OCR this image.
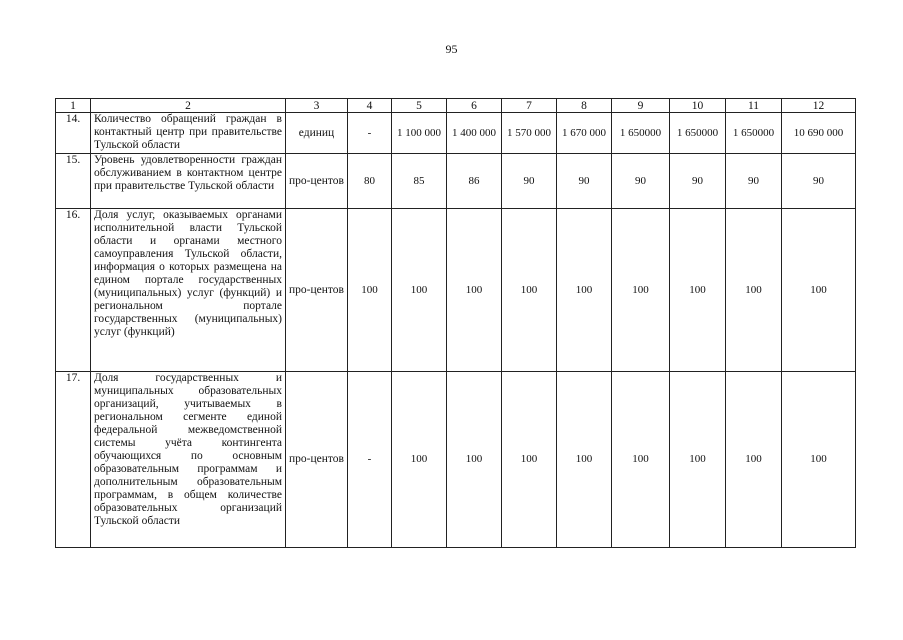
95
1	2	3	4	5	6	7	8	9	10	11	12
14.	Количество обращений граждан в контактный центр при правительстве Тульской области	единиц	-	1 100 000	1 400 000	1 570 000	1 670 000	1 650000	1 650000	1 650000	10 690 000
15.	Уровень удовлетворенности граждан обслуживанием в контактном центре при правительстве Тульской области	про-центов	80	85	86	90	90	90	90	90	90
16.	Доля услуг, оказываемых органами исполнительной власти Тульской области и органами местного самоуправления Тульской области, информация о которых размещена на едином портале государственных (муниципальных) услуг (функций) и региональном портале государственных (муниципальных) услуг (функций)	про-центов	100	100	100	100	100	100	100	100	100
17.	Доля государственных и муниципальных образовательных организаций, учитываемых в региональном сегменте единой федеральной межведомственной системы учёта контингента обучающихся по основным образовательным программам и дополнительным образовательным программам, в общем количестве образовательных организаций Тульской области	про-центов	-	100	100	100	100	100	100	100	100
